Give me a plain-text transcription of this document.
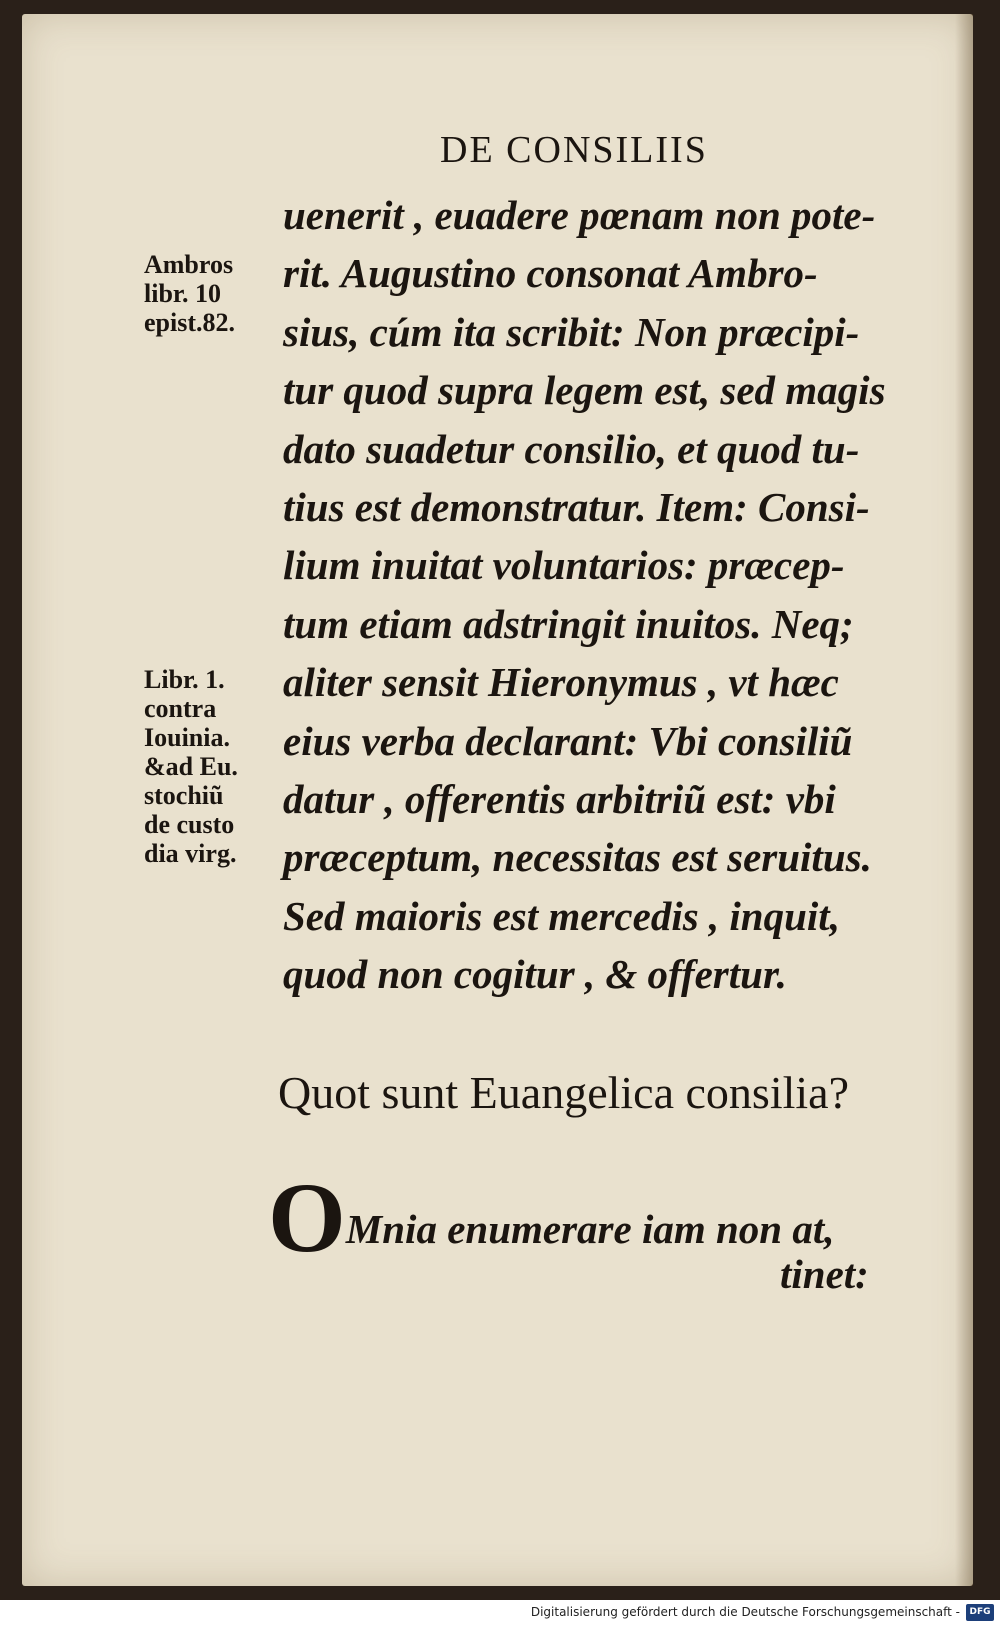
DE CONSILIIS
Ambros
libr. 10
epist.82.
Libr. 1.
contra
Iouinia.
&ad Eu.
stochiũ
de custo
dia virg.
uenerit , euadere pœnam non pote-
rit. Augustino consonat Ambro-
sius, cúm ita scribit: Non præcipi-
tur quod supra legem est, sed magis
dato suadetur consilio, et quod tu-
tius est demonstratur. Item: Consi-
lium inuitat voluntarios: præcep-
tum etiam adstringit inuitos. Neq;
aliter sensit Hieronymus , vt hæc
eius verba declarant: Vbi consiliũ
datur , offerentis arbitriũ est: vbi
præceptum, necessitas est seruitus.
Sed maioris est mercedis , inquit,
quod non cogitur , & offertur.
Quot sunt Euangelica consilia?
OMnia enumerare iam non at,
tinet:
Digitalisierung gefördert durch die Deutsche Forschungsgemeinschaft -	DFG
